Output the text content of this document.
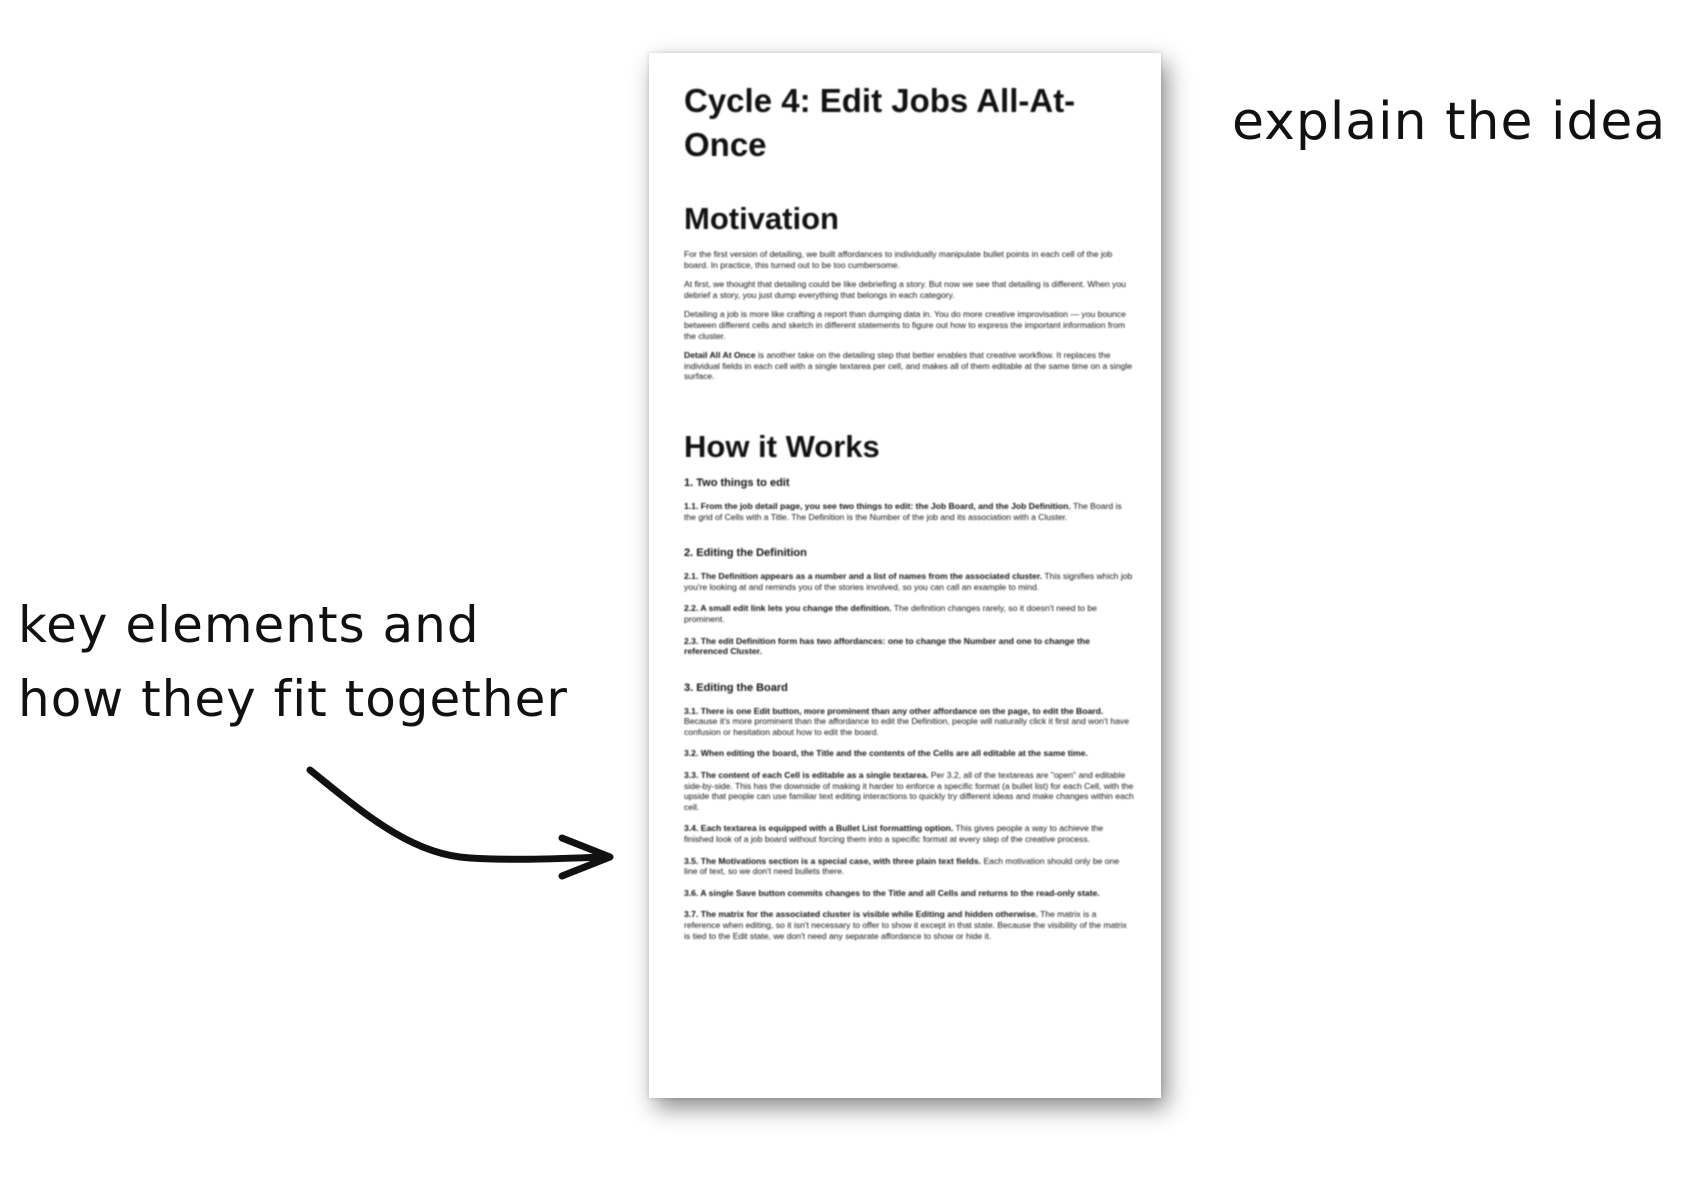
explain the idea
key elements and
how they fit together
Cycle 4: Edit Jobs All-At-Once
Motivation

For the first version of detailing, we built affordances to individually manipulate bullet points in each cell of the job board. In practice, this turned out to be too cumbersome.

At first, we thought that detailing could be like debriefing a story. But now we see that detailing is different. When you debrief a story, you just dump everything that belongs in each category.

Detailing a job is more like crafting a report than dumping data in. You do more creative improvisation — you bounce between different cells and sketch in different statements to figure out how to express the important information from the cluster.

Detail All At Once is another take on the detailing step that better enables that creative workflow. It replaces the individual fields in each cell with a single textarea per cell, and makes all of them editable at the same time on a single surface.

How it Works
1. Two things to edit

1.1. From the job detail page, you see two things to edit: the Job Board, and the Job Definition. The Board is the grid of Cells with a Title. The Definition is the Number of the job and its association with a Cluster.

2. Editing the Definition

2.1. The Definition appears as a number and a list of names from the associated cluster. This signifies which job you're looking at and reminds you of the stories involved, so you can call an example to mind.

2.2. A small edit link lets you change the definition. The definition changes rarely, so it doesn't need to be prominent.

2.3. The edit Definition form has two affordances: one to change the Number and one to change the referenced Cluster.

3. Editing the Board

3.1. There is one Edit button, more prominent than any other affordance on the page, to edit the Board. Because it's more prominent than the affordance to edit the Definition, people will naturally click it first and won't have confusion or hesitation about how to edit the board.

3.2. When editing the board, the Title and the contents of the Cells are all editable at the same time.

3.3. The content of each Cell is editable as a single textarea. Per 3.2, all of the textareas are "open" and editable side-by-side. This has the downside of making it harder to enforce a specific format (a bullet list) for each Cell, with the upside that people can use familiar text editing interactions to quickly try different ideas and make changes within each cell.

3.4. Each textarea is equipped with a Bullet List formatting option. This gives people a way to achieve the finished look of a job board without forcing them into a specific format at every step of the creative process.

3.5. The Motivations section is a special case, with three plain text fields. Each motivation should only be one line of text, so we don't need bullets there.

3.6. A single Save button commits changes to the Title and all Cells and returns to the read-only state.

3.7. The matrix for the associated cluster is visible while Editing and hidden otherwise. The matrix is a reference when editing, so it isn't necessary to offer to show it except in that state. Because the visibility of the matrix is tied to the Edit state, we don't need any separate affordance to show or hide it.
